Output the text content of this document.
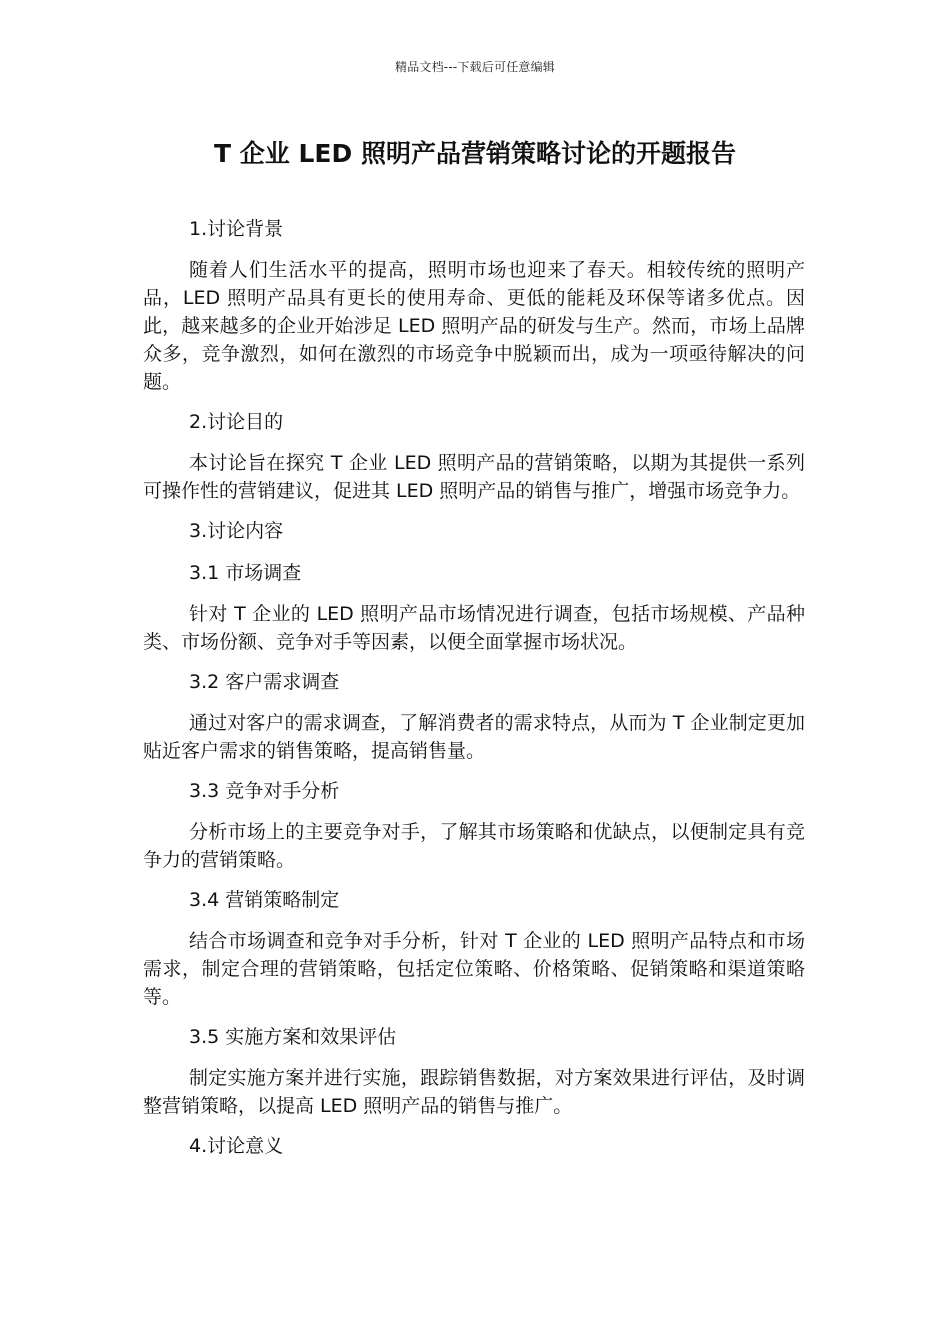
精品文档---下载后可任意编辑
T 企业 LED 照明产品营销策略讨论的开题报告
1.讨论背景
随着人们生活水平的提高，照明市场也迎来了春天。相较传统的照明产品，LED 照明产品具有更长的使用寿命、更低的能耗及环保等诸多优点。因此，越来越多的企业开始涉足 LED 照明产品的研发与生产。然而，市场上品牌众多，竞争激烈，如何在激烈的市场竞争中脱颖而出，成为一项亟待解决的问题。
2.讨论目的
本讨论旨在探究 T 企业 LED 照明产品的营销策略，以期为其提供一系列可操作性的营销建议，促进其 LED 照明产品的销售与推广，增强市场竞争力。
3.讨论内容
3.1 市场调查
针对 T 企业的 LED 照明产品市场情况进行调查，包括市场规模、产品种类、市场份额、竞争对手等因素，以便全面掌握市场状况。
3.2 客户需求调查
通过对客户的需求调查，了解消费者的需求特点，从而为 T 企业制定更加贴近客户需求的销售策略，提高销售量。
3.3 竞争对手分析
分析市场上的主要竞争对手，了解其市场策略和优缺点，以便制定具有竞争力的营销策略。
3.4 营销策略制定
结合市场调查和竞争对手分析，针对 T 企业的 LED 照明产品特点和市场需求，制定合理的营销策略，包括定位策略、价格策略、促销策略和渠道策略等。
3.5 实施方案和效果评估
制定实施方案并进行实施，跟踪销售数据，对方案效果进行评估，及时调整营销策略，以提高 LED 照明产品的销售与推广。
4.讨论意义
